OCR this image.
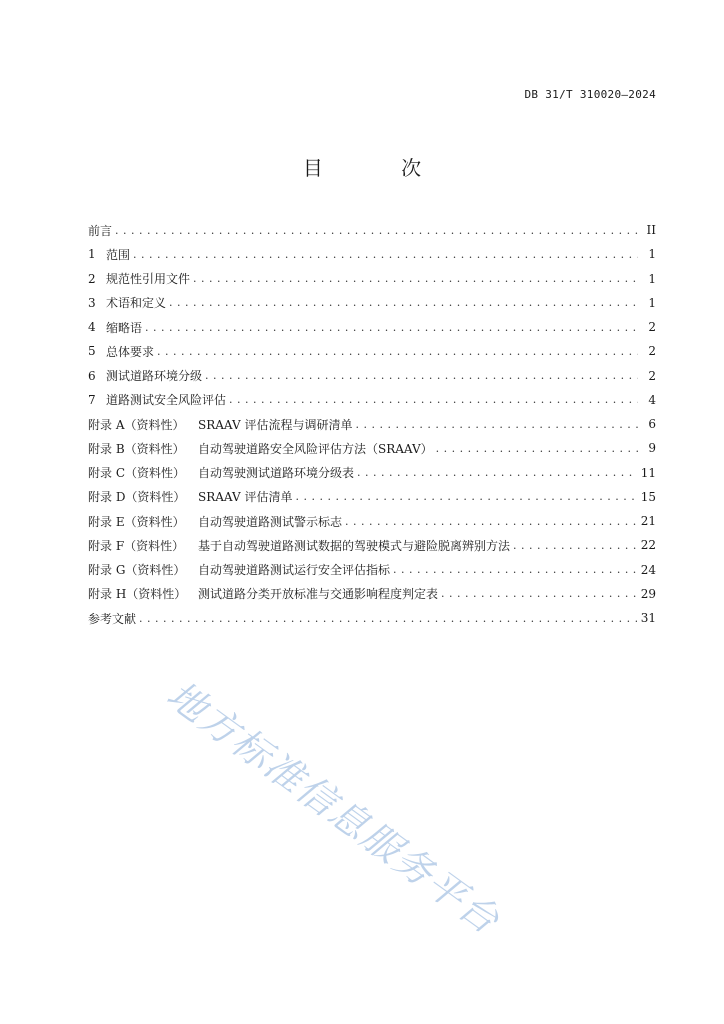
DB 31/T 310020—2024
目 次
前言 . . .	II
1 范围 . . .	1
2 规范性引用文件 . . .	1
3 术语和定义 . . .	1
4 缩略语 . . .	2
5 总体要求 . . .	2
6 测试道路环境分级 . . .	2
7 道路测试安全风险评估 . . .	4
附录 A（资料性）	SRAAV 评估流程与调研清单 . . .	6
附录 B（资料性）	自动驾驶道路安全风险评估方法（SRAAV） . . .	9
附录 C（资料性）	自动驾驶测试道路环境分级表 . . .	11
附录 D（资料性）	SRAAV 评估清单 . . .	15
附录 E（资料性）	自动驾驶道路测试警示标志 . . .	21
附录 F（资料性）	基于自动驾驶道路测试数据的驾驶模式与避险脱离辨别方法 . . .	22
附录 G（资料性）	自动驾驶道路测试运行安全评估指标 . . .	24
附录 H（资料性） 测试道路分类开放标准与交通影响程度判定表 . . .	29
参考文献 . . .	31
地方标准信息服务平台
